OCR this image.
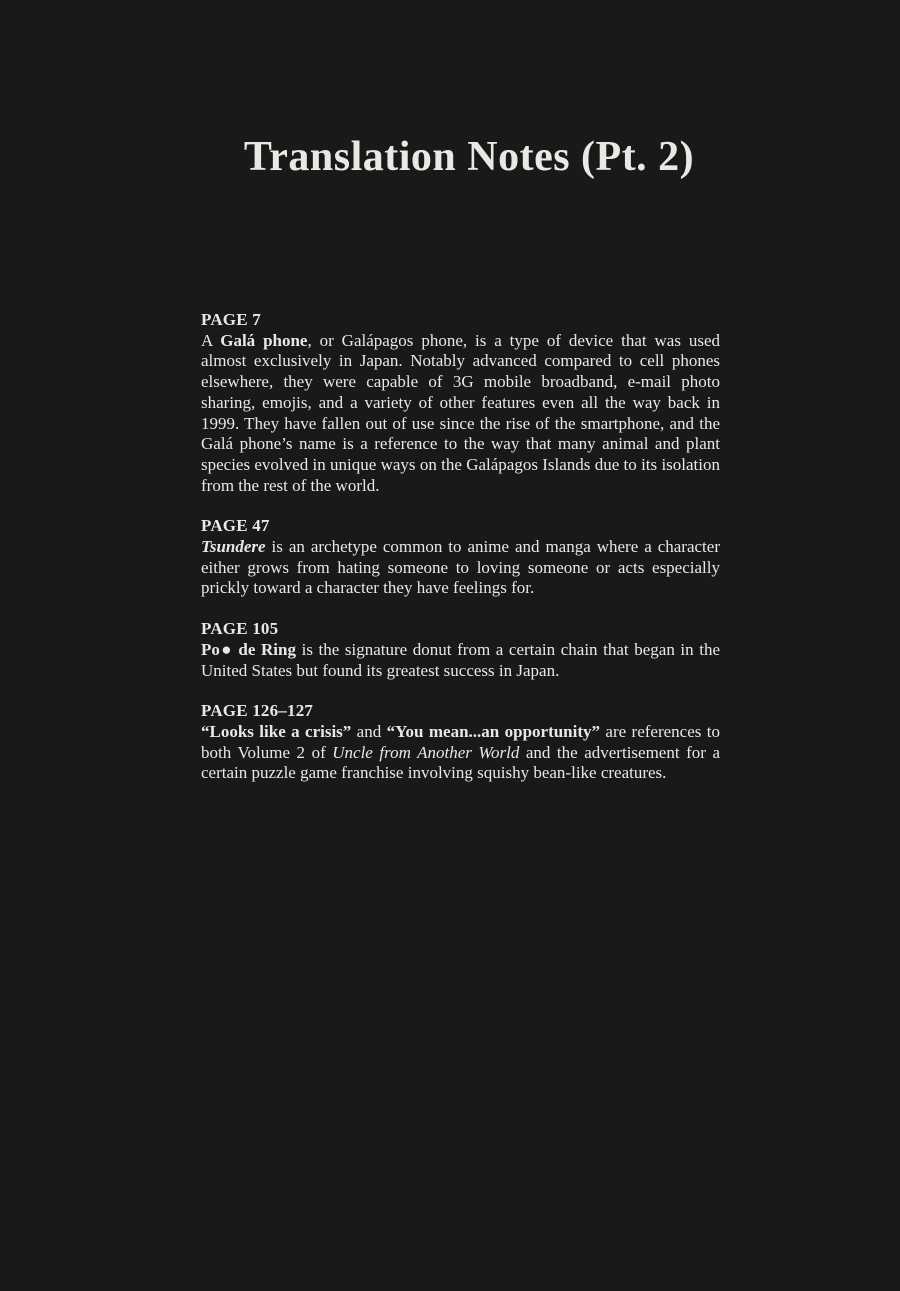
Translation Notes (Pt. 2)
PAGE 7

A Galá phone, or Galápagos phone, is a type of device that was used almost exclusively in Japan. Notably advanced compared to cell phones elsewhere, they were capable of 3G mobile broadband, e-mail photo sharing, emojis, and a variety of other features even all the way back in 1999. They have fallen out of use since the rise of the smartphone, and the Galá phone’s name is a reference to the way that many animal and plant species evolved in unique ways on the Galápagos Islands due to its isolation from the rest of the world.

PAGE 47

Tsundere is an archetype common to anime and manga where a character either grows from hating someone to loving someone or acts especially prickly toward a character they have feelings for.

PAGE 105

Po● de Ring is the signature donut from a certain chain that began in the United States but found its greatest success in Japan.

PAGE 126–127

“Looks like a crisis” and “You mean...an opportunity” are references to both Volume 2 of Uncle from Another World and the advertisement for a certain puzzle game franchise involving squishy bean-like creatures.
